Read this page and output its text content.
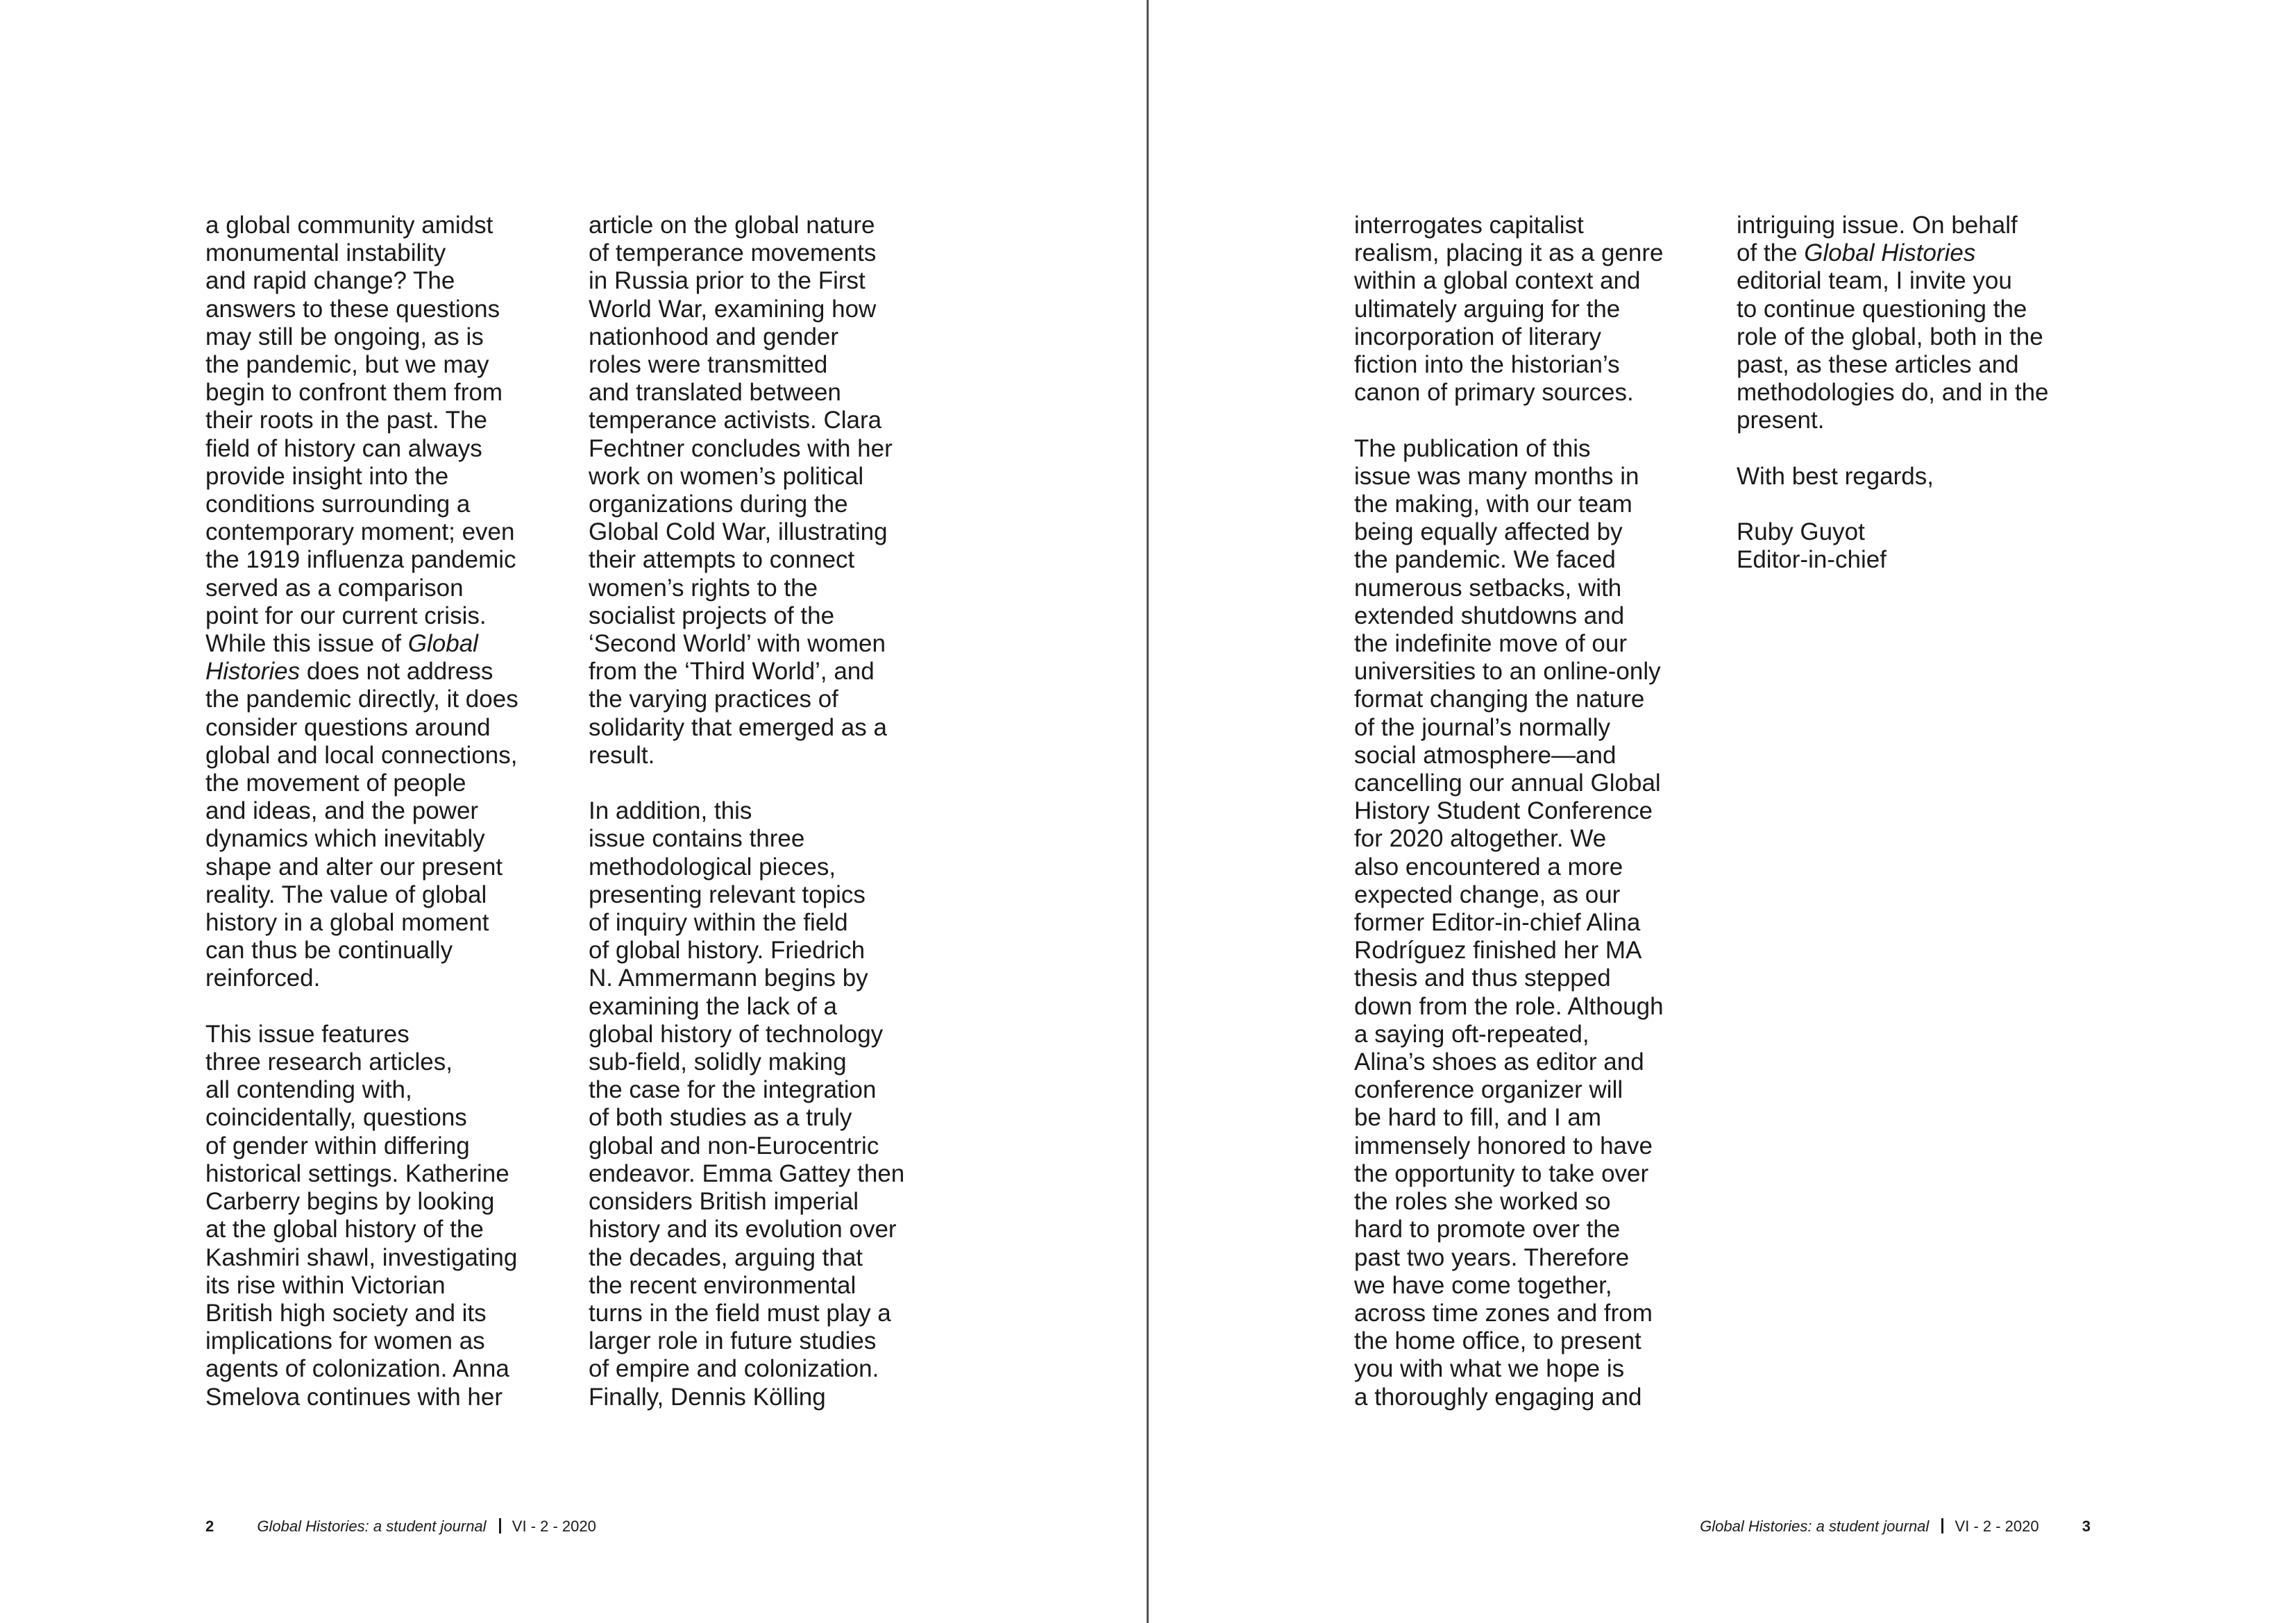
a global community amidst
monumental instability
and rapid change? The
answers to these questions
may still be ongoing, as is
the pandemic, but we may
begin to confront them from
their roots in the past. The
field of history can always
provide insight into the
conditions surrounding a
contemporary moment; even
the 1919 influenza pandemic
served as a comparison
point for our current crisis.
While this issue of Global
Histories does not address
the pandemic directly, it does
consider questions around
global and local connections,
the movement of people
and ideas, and the power
dynamics which inevitably
shape and alter our present
reality. The value of global
history in a global moment
can thus be continually
reinforced.
This issue features
three research articles,
all contending with,
coincidentally, questions
of gender within differing
historical settings. Katherine
Carberry begins by looking
at the global history of the
Kashmiri shawl, investigating
its rise within Victorian
British high society and its
implications for women as
agents of colonization. Anna
Smelova continues with her
article on the global nature
of temperance movements
in Russia prior to the First
World War, examining how
nationhood and gender
roles were transmitted
and translated between
temperance activists. Clara
Fechtner concludes with her
work on women’s political
organizations during the
Global Cold War, illustrating
their attempts to connect
women’s rights to the
socialist projects of the
‘Second World’ with women
from the ‘Third World’, and
the varying practices of
solidarity that emerged as a
result.
In addition, this
issue contains three
methodological pieces,
presenting relevant topics
of inquiry within the field
of global history. Friedrich
N. Ammermann begins by
examining the lack of a
global history of technology
sub-field, solidly making
the case for the integration
of both studies as a truly
global and non-Eurocentric
endeavor. Emma Gattey then
considers British imperial
history and its evolution over
the decades, arguing that
the recent environmental
turns in the field must play a
larger role in future studies
of empire and colonization.
Finally, Dennis Kölling
interrogates capitalist
realism, placing it as a genre
within a global context and
ultimately arguing for the
incorporation of literary
fiction into the historian’s
canon of primary sources.
The publication of this
issue was many months in
the making, with our team
being equally affected by
the pandemic. We faced
numerous setbacks, with
extended shutdowns and
the indefinite move of our
universities to an online-only
format changing the nature
of the journal’s normally
social atmosphere—and
cancelling our annual Global
History Student Conference
for 2020 altogether. We
also encountered a more
expected change, as our
former Editor-in-chief Alina
Rodríguez finished her MA
thesis and thus stepped
down from the role. Although
a saying oft-repeated,
Alina’s shoes as editor and
conference organizer will
be hard to fill, and I am
immensely honored to have
the opportunity to take over
the roles she worked so
hard to promote over the
past two years. Therefore
we have come together,
across time zones and from
the home office, to present
you with what we hope is
a thoroughly engaging and
intriguing issue. On behalf
of the Global Histories
editorial team, I invite you
to continue questioning the
role of the global, both in the
past, as these articles and
methodologies do, and in the
present.
With best regards,
Ruby Guyot
Editor-in-chief
2	Global Histories: a student journal VI - 2 - 2020	Global Histories: a student journal VI - 2 - 2020	3
